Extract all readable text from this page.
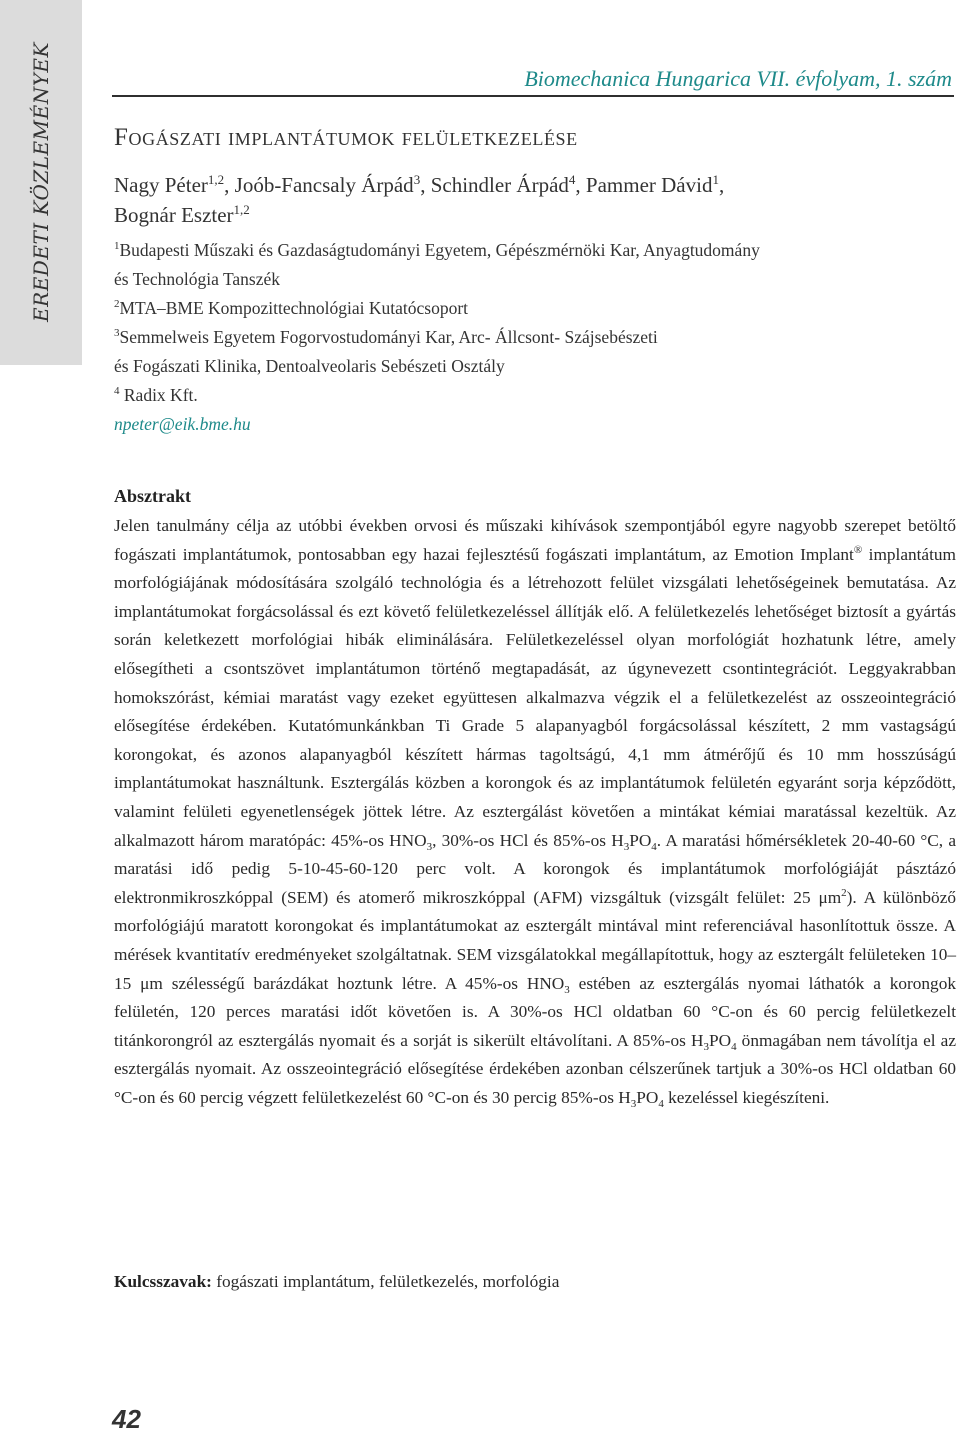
EREDETI KÖZLEMÉNYEK	Biomechanica Hungarica VII. évfolyam, 1. szám
Fogászati implantátumok felületkezelése
Nagy Péter$^{1,2}$, Joób-Fancsaly Árpád$^3$, Schindler Árpád$^4$, Pammer Dávid$^1$,
Bognár Eszter$^{1,2}$
$^1$Budapesti Műszaki és Gazdaságtudományi Egyetem, Gépészmérnöki Kar, Anyagtudomány
és Technológia Tanszék
$^2$MTA–BME Kompozittechnológiai Kutatócsoport
$^3$Semmelweis Egyetem Fogorvostudományi Kar, Arc- Állcsont- Szájsebészeti
és Fogászati Klinika, Dentoalveolaris Sebészeti Osztály
$^4$ Radix Kft.
npeter@eik.bme.hu
Absztrakt
Jelen tanulmány célja az utóbbi években orvosi és műszaki kihívások szempontjából egyre nagyobb szerepet betöltő fogászati implantátumok, pontosabban egy hazai fejlesztésű fogászati implantátum, az Emotion Implant® implantátum morfológiájának módosítására szolgáló technológia és a létrehozott felület vizsgálati lehetőségeinek bemutatása. Az implantátumokat forgácsolással és ezt követő felületkezeléssel állítják elő. A felületkezelés lehetőséget biztosít a gyártás során keletkezett morfológiai hibák eliminálására. Felületkezeléssel olyan morfológiát hozhatunk létre, amely elősegítheti a csontszövet implantátumon történő megtapadását, az úgynevezett csontintegrációt. Leggyakrabban homokszórást, kémiai maratást vagy ezeket együttesen alkalmazva végzik el a felületkezelést az osszeointegráció elősegítése érdekében. Kutatómunkánkban Ti Grade 5 alapanyagból forgácsolással készített, 2 mm vastagságú korongokat, és azonos alapanyagból készített hármas tagoltságú, 4,1 mm átmérőjű és 10 mm hosszúságú implantátumokat használtunk. Esztergálás közben a korongok és az implantátumok felületén egyaránt sorja képződött, valamint felületi egyenetlenségek jöttek létre. Az esztergálást követően a mintákat kémiai maratással kezeltük. Az alkalmazott három maratópác: 45%-os $HNO_3$, 30%-os HCl és 85%-os $H_3PO_4$. A maratási hőmérsékletek 20-40-60 °C, a maratási idő pedig 5-10-45-60-120 perc volt. A korongok és implantátumok morfológiáját pásztázó elektronmikroszkóppal (SEM) és atomerő mikroszkóppal (AFM) vizsgáltuk (vizsgált felület: 25 $\mu m^2$). A különböző morfológiájú maratott korongokat és implantátumokat az esztergált mintával mint referenciával hasonlítottuk össze. A mérések kvantitatív eredményeket szolgáltatnak. SEM vizsgálatokkal megállapítottuk, hogy az esztergált felületeken 10–15 μm szélességű barázdákat hoztunk létre. A 45%-os $HNO_3$ estében az esztergálás nyomai láthatók a korongok felületén, 120 perces maratási időt követően is. A 30%-os HCl oldatban 60 °C-on és 60 percig felületkezelt titánkorongról az esztergálás nyomait és a sorját is sikerült eltávolítani. A 85%-os $H_3PO_4$ önmagában nem távolítja el az esztergálás nyomait. Az osszeointegráció elősegítése érdekében azonban célszerűnek tartjuk a 30%-os HCl oldatban 60 °C-on és 60 percig végzett felületkezelést 60 °C-on és 30 percig 85%-os $H_3PO_4$ kezeléssel kiegészíteni.
Kulcsszavak: fogászati implantátum, felületkezelés, morfológia
42
